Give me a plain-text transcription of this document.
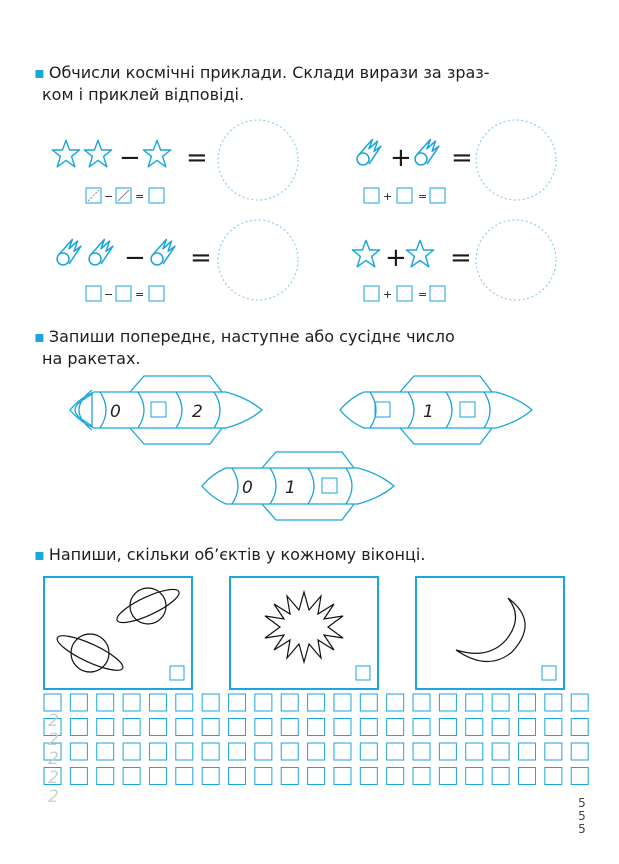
▪ Обчисли космічні приклади. Склади вирази за зраз-
ком і приклей відповіді.
▪ Запиши попереднє, наступне або сусіднє число
на ракетах.
▪ Напиши, скільки об’єктів у кожному віконці.
− =
− =
+ =
+ =
− =
− =
+ =
+ =
0	2	1
0 1
2
2
2
2
2	5
5
5
